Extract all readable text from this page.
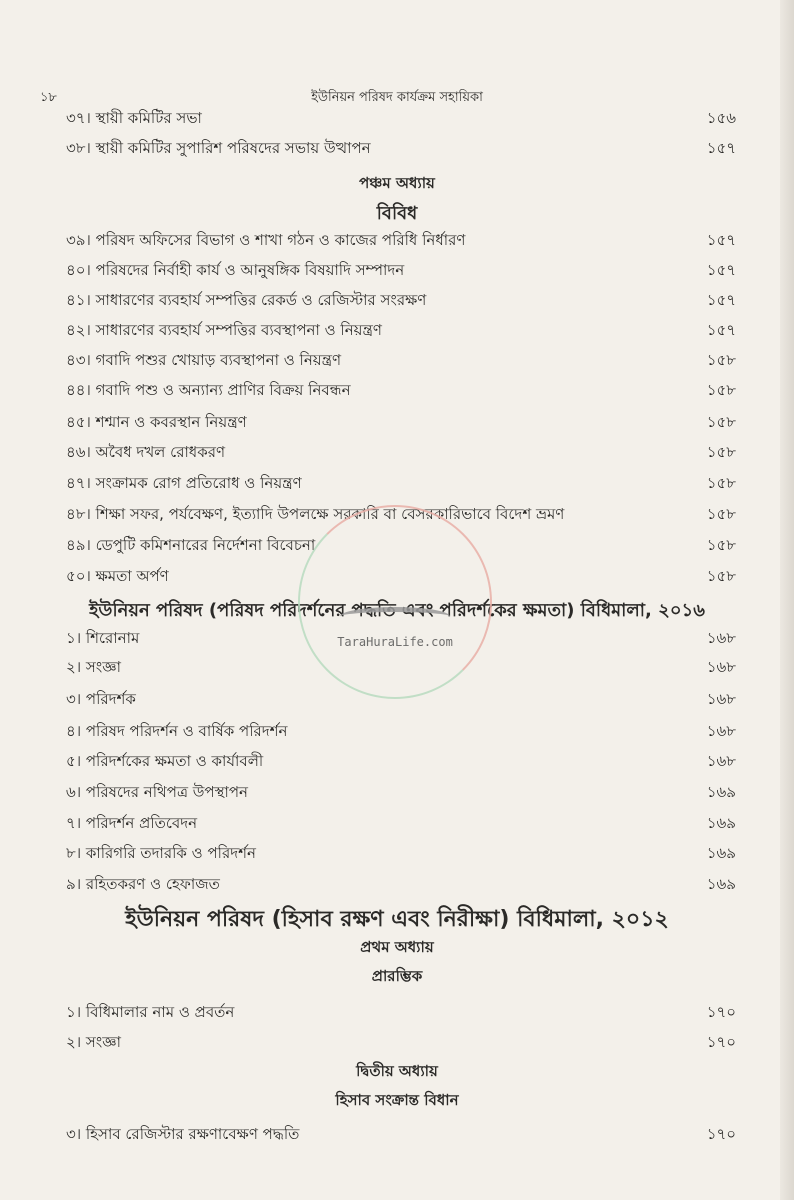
১৮	ইউনিয়ন পরিষদ কার্যক্রম সহায়িকা
৩৭। স্থায়ী কমিটির সভা	১৫৬
৩৮। স্থায়ী কমিটির সুপারিশ পরিষদের সভায় উত্থাপন	১৫৭
৩৯। পরিষদ অফিসের বিভাগ ও শাখা গঠন ও কাজের পরিধি নির্ধারণ	১৫৭
৪০। পরিষদের নির্বাহী কার্য ও আনুষঙ্গিক বিষয়াদি সম্পাদন	১৫৭
৪১। সাধারণের ব্যবহার্য সম্পত্তির রেকর্ড ও রেজিস্টার সংরক্ষণ	১৫৭
৪২। সাধারণের ব্যবহার্য সম্পত্তির ব্যবস্থাপনা ও নিয়ন্ত্রণ	১৫৭
৪৩। গবাদি পশুর খোয়াড় ব্যবস্থাপনা ও নিয়ন্ত্রণ	১৫৮
৪৪। গবাদি পশু ও অন্যান্য প্রাণির বিক্রয় নিবন্ধন	১৫৮
৪৫। শশ্মান ও কবরস্থান নিয়ন্ত্রণ	১৫৮
৪৬। অবৈধ দখল রোধকরণ	১৫৮
৪৭। সংক্রামক রোগ প্রতিরোধ ও নিয়ন্ত্রণ	১৫৮
৪৮। শিক্ষা সফর, পর্যবেক্ষণ, ইত্যাদি উপলক্ষে সরকারি বা বেসরকারিভাবে বিদেশ ভ্রমণ	১৫৮
৪৯। ডেপুটি কমিশনারের নির্দেশনা বিবেচনা	১৫৮
৫০। ক্ষমতা অর্পণ	১৫৮
১। শিরোনাম	১৬৮
২। সংজ্ঞা	১৬৮
৩। পরিদর্শক	১৬৮
৪। পরিষদ পরিদর্শন ও বার্ষিক পরিদর্শন	১৬৮
৫। পরিদর্শকের ক্ষমতা ও কার্যাবলী	১৬৮
৬। পরিষদের নথিপত্র উপস্থাপন	১৬৯
৭। পরিদর্শন প্রতিবেদন	১৬৯
৮। কারিগরি তদারকি ও পরিদর্শন	১৬৯
৯। রহিতকরণ ও হেফাজত	১৬৯
১। বিধিমালার নাম ও প্রবর্তন	১৭০
২। সংজ্ঞা	১৭০
৩। হিসাব রেজিস্টার রক্ষণাবেক্ষণ পদ্ধতি	১৭০
পঞ্চম অধ্যায়
বিবিধ
ইউনিয়ন পরিষদ (পরিষদ পরিদর্শনের পদ্ধতি এবং পরিদর্শকের ক্ষমতা) বিধিমালা, ২০১৬
ইউনিয়ন পরিষদ (হিসাব রক্ষণ এবং নিরীক্ষা) বিধিমালা, ২০১২
প্রথম অধ্যায়
প্রারম্ভিক
দ্বিতীয় অধ্যায়
হিসাব সংক্রান্ত বিধান
TaraHuraLife.com
